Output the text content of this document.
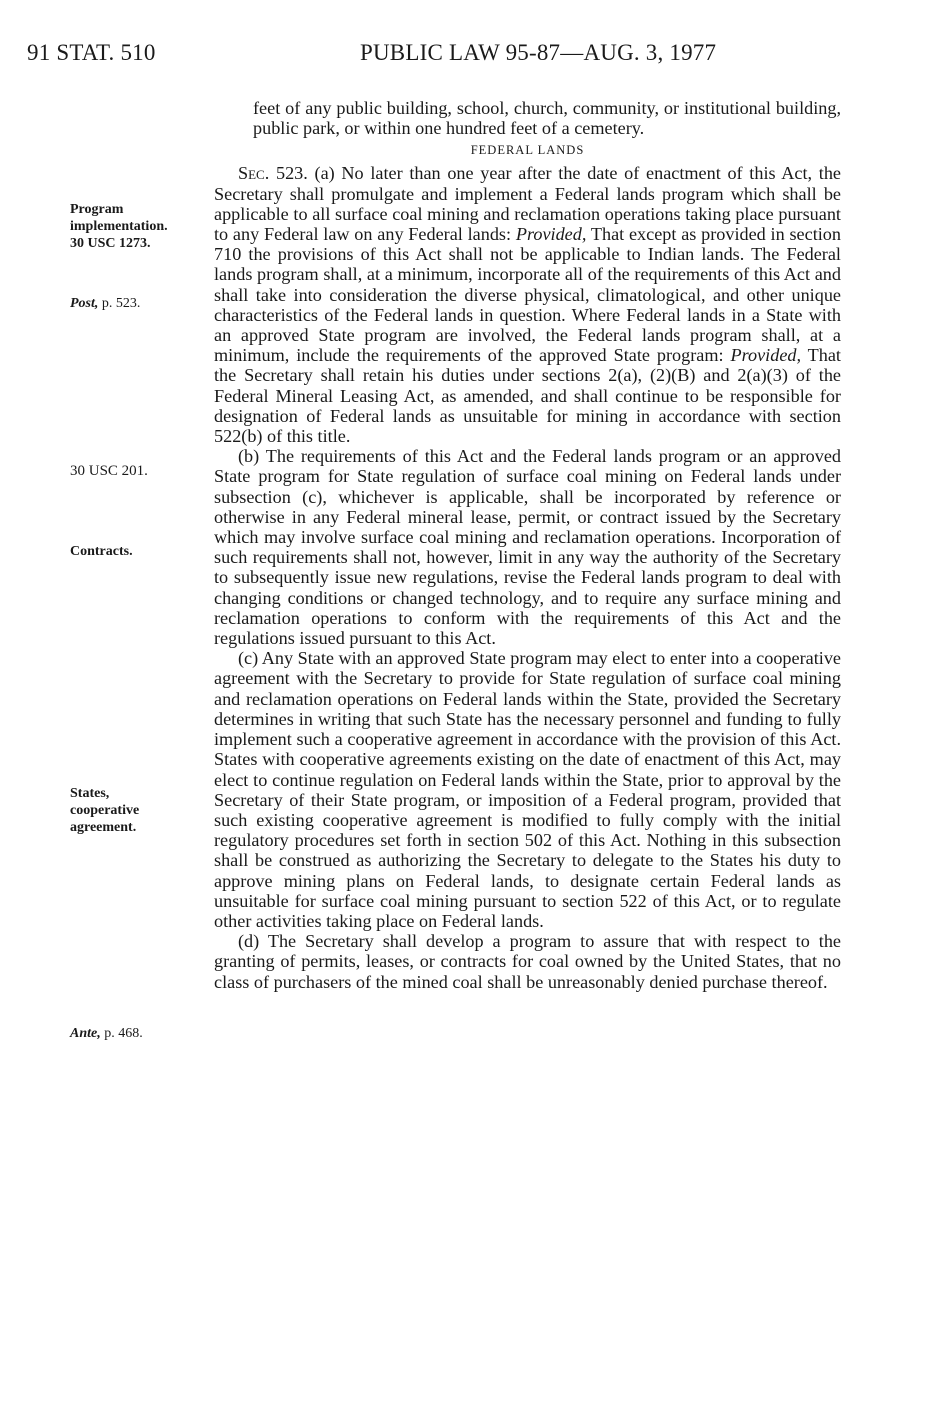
91 STAT. 510	PUBLIC LAW 95-87—AUG. 3, 1977
Program
implementation.
30 USC 1273.
Post, p. 523.
30 USC 201.
Contracts.
States,
cooperative
agreement.
Ante, p. 468.

feet of any public building, school, church, community, or institutional building, public park, or within one hundred feet of a cemetery.

FEDERAL LANDS

Sec. 523. (a) No later than one year after the date of enactment of this Act, the Secretary shall promulgate and implement a Federal lands program which shall be applicable to all surface coal mining and reclamation operations taking place pursuant to any Federal law on any Federal lands: Provided, That except as provided in section 710 the provisions of this Act shall not be applicable to Indian lands. The Federal lands program shall, at a minimum, incorporate all of the requirements of this Act and shall take into consideration the diverse physical, climatological, and other unique characteristics of the Federal lands in question. Where Federal lands in a State with an approved State program are involved, the Federal lands program shall, at a minimum, include the requirements of the approved State program: Provided, That the Secretary shall retain his duties under sections 2(a), (2)(B) and 2(a)(3) of the Federal Mineral Leasing Act, as amended, and shall continue to be responsible for designation of Federal lands as unsuitable for mining in accordance with section 522(b) of this title.

(b) The requirements of this Act and the Federal lands program or an approved State program for State regulation of surface coal mining on Federal lands under subsection (c), whichever is applicable, shall be incorporated by reference or otherwise in any Federal mineral lease, permit, or contract issued by the Secretary which may involve surface coal mining and reclamation operations. Incorporation of such requirements shall not, however, limit in any way the authority of the Secretary to subsequently issue new regulations, revise the Federal lands program to deal with changing conditions or changed technology, and to require any surface mining and reclamation operations to conform with the requirements of this Act and the regulations issued pursuant to this Act.

(c) Any State with an approved State program may elect to enter into a cooperative agreement with the Secretary to provide for State regulation of surface coal mining and reclamation operations on Federal lands within the State, provided the Secretary determines in writing that such State has the necessary personnel and funding to fully implement such a cooperative agreement in accordance with the provision of this Act. States with cooperative agreements existing on the date of enactment of this Act, may elect to continue regulation on Federal lands within the State, prior to approval by the Secretary of their State program, or imposition of a Federal program, provided that such existing cooperative agreement is modified to fully comply with the initial regulatory procedures set forth in section 502 of this Act. Nothing in this subsection shall be construed as authorizing the Secretary to delegate to the States his duty to approve mining plans on Federal lands, to designate certain Federal lands as unsuitable for surface coal mining pursuant to section 522 of this Act, or to regulate other activities taking place on Federal lands.

(d) The Secretary shall develop a program to assure that with respect to the granting of permits, leases, or contracts for coal owned by the United States, that no class of purchasers of the mined coal shall be unreasonably denied purchase thereof.
